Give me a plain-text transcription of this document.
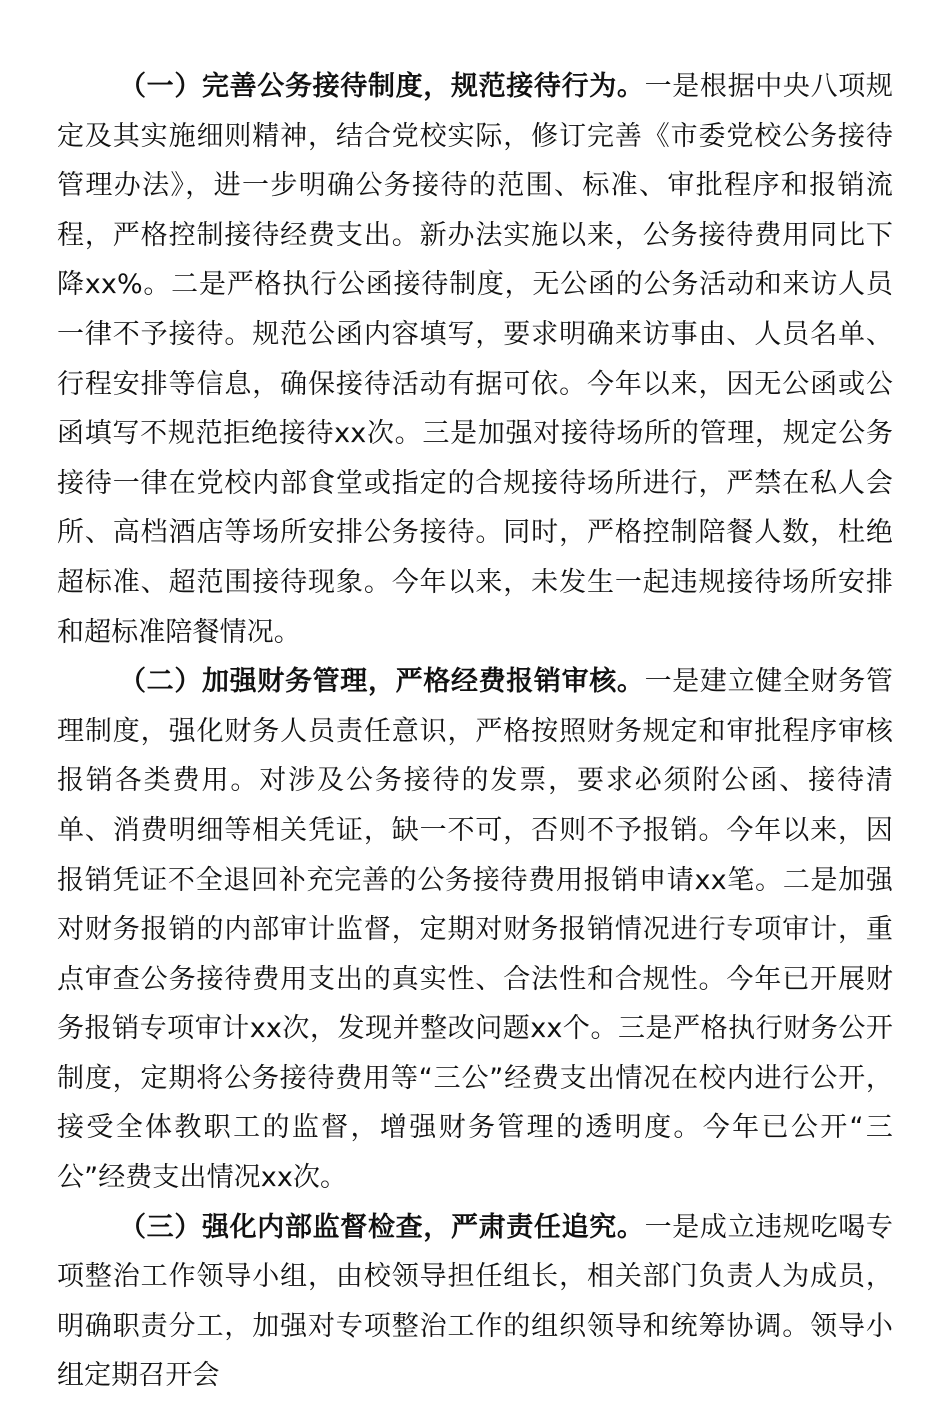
（一）完善公务接待制度，规范接待行为。一是根据中央八项规定及其实施细则精神，结合党校实际，修订完善《市委党校公务接待管理办法》，进一步明确公务接待的范围、标准、审批程序和报销流程，严格控制接待经费支出。新办法实施以来，公务接待费用同比下降xx%。二是严格执行公函接待制度，无公函的公务活动和来访人员一律不予接待。规范公函内容填写，要求明确来访事由、人员名单、行程安排等信息，确保接待活动有据可依。今年以来，因无公函或公函填写不规范拒绝接待xx次。三是加强对接待场所的管理，规定公务接待一律在党校内部食堂或指定的合规接待场所进行，严禁在私人会所、高档酒店等场所安排公务接待。同时，严格控制陪餐人数，杜绝超标准、超范围接待现象。今年以来，未发生一起违规接待场所安排和超标准陪餐情况。

（二）加强财务管理，严格经费报销审核。一是建立健全财务管理制度，强化财务人员责任意识，严格按照财务规定和审批程序审核报销各类费用。对涉及公务接待的发票，要求必须附公函、接待清单、消费明细等相关凭证，缺一不可，否则不予报销。今年以来，因报销凭证不全退回补充完善的公务接待费用报销申请xx笔。二是加强对财务报销的内部审计监督，定期对财务报销情况进行专项审计，重点审查公务接待费用支出的真实性、合法性和合规性。今年已开展财务报销专项审计xx次，发现并整改问题xx个。三是严格执行财务公开制度，定期将公务接待费用等“三公”经费支出情况在校内进行公开，接受全体教职工的监督，增强财务管理的透明度。今年已公开“三公”经费支出情况xx次。

（三）强化内部监督检查，严肃责任追究。一是成立违规吃喝专项整治工作领导小组，由校领导担任组长，相关部门负责人为成员，明确职责分工，加强对专项整治工作的组织领导和统筹协调。领导小组定期召开会
